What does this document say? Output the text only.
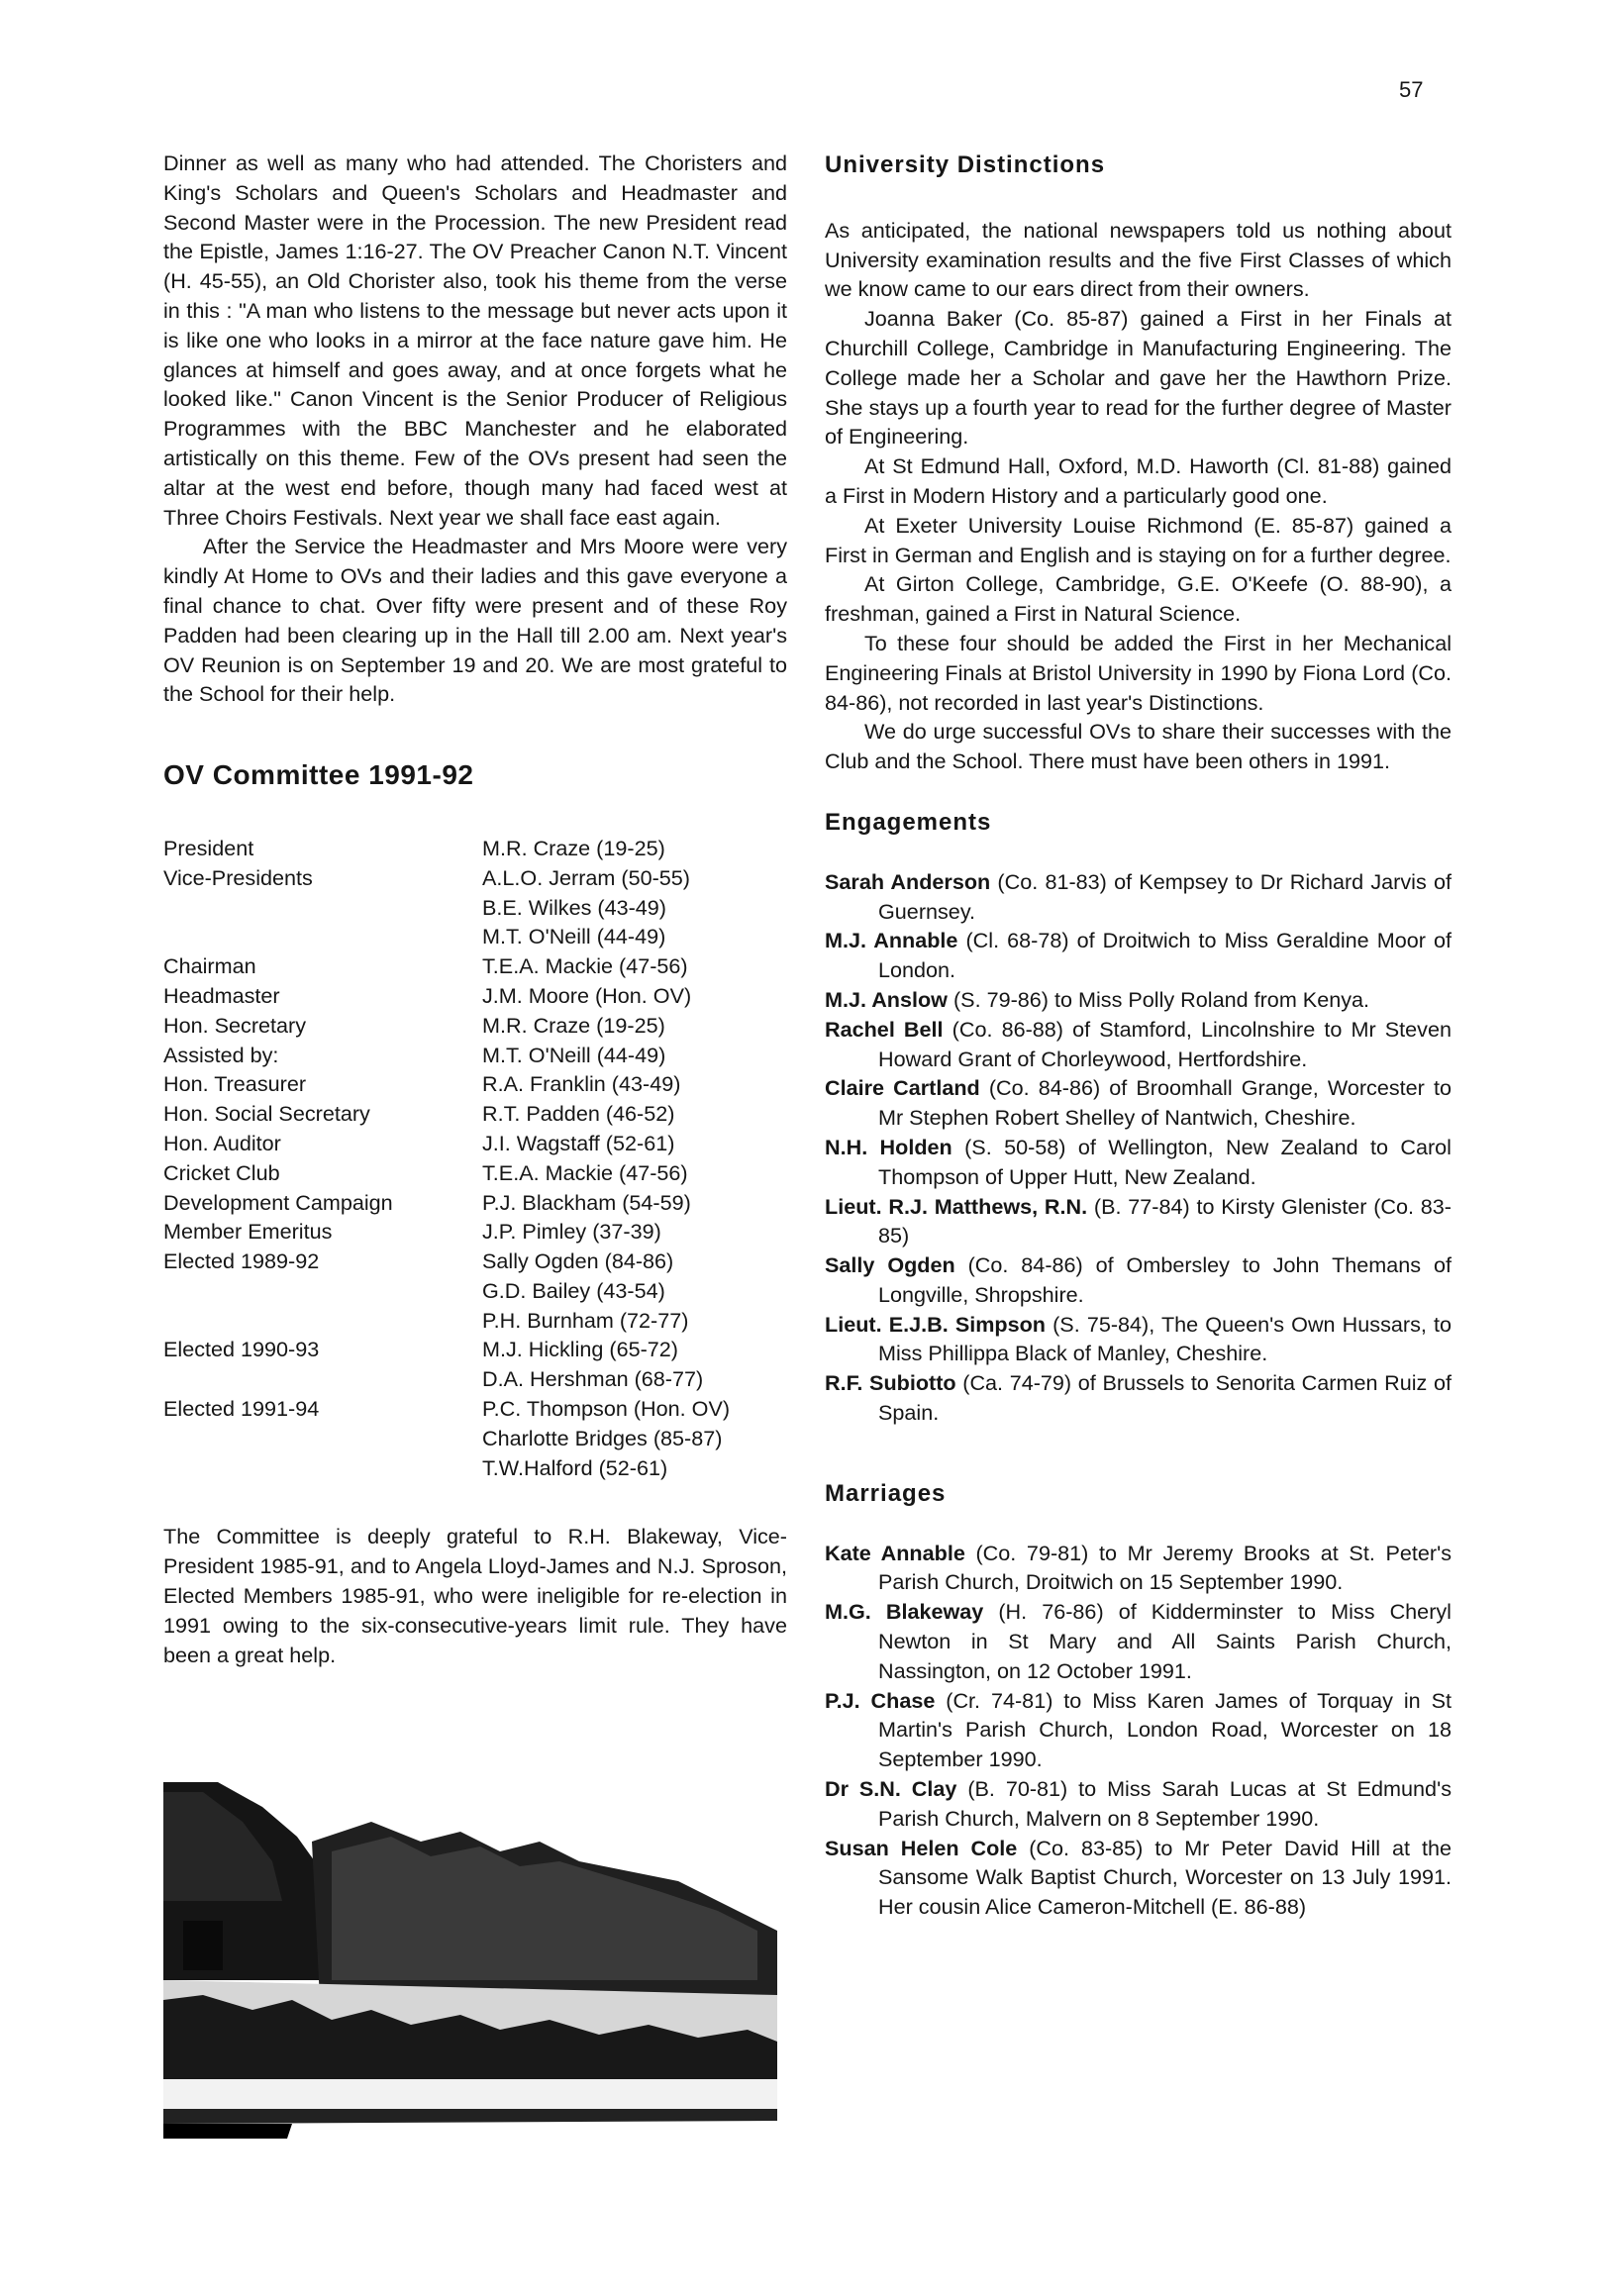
57

Dinner as well as many who had attended. The Choristers and King's Scholars and Queen's Scholars and Headmaster and Second Master were in the Procession. The new President read the Epistle, James 1:16-27. The OV Preacher Canon N.T. Vincent (H. 45-55), an Old Chorister also, took his theme from the verse in this : "A man who listens to the message but never acts upon it is like one who looks in a mirror at the face nature gave him. He glances at himself and goes away, and at once forgets what he looked like." Canon Vincent is the Senior Producer of Religious Programmes with the BBC Manchester and he elaborated artistically on this theme. Few of the OVs present had seen the altar at the west end before, though many had faced west at Three Choirs Festivals. Next year we shall face east again.

After the Service the Headmaster and Mrs Moore were very kindly At Home to OVs and their ladies and this gave everyone a final chance to chat. Over fifty were present and of these Roy Padden had been clearing up in the Hall till 2.00 am. Next year's OV Reunion is on September 19 and 20. We are most grateful to the School for their help.

OV Committee 1991-92
President	M.R. Craze (19-25)
Vice-Presidents	A.L.O. Jerram (50-55)
	B.E. Wilkes (43-49)
	M.T. O'Neill (44-49)
Chairman	T.E.A. Mackie (47-56)
Headmaster	J.M. Moore (Hon. OV)
Hon. Secretary	M.R. Craze (19-25)
Assisted by:	M.T. O'Neill (44-49)
Hon. Treasurer	R.A. Franklin (43-49)
Hon. Social Secretary	R.T. Padden (46-52)
Hon. Auditor	J.I. Wagstaff (52-61)
Cricket Club	T.E.A. Mackie (47-56)
Development Campaign	P.J. Blackham (54-59)
Member Emeritus	J.P. Pimley (37-39)
Elected 1989-92	Sally Ogden (84-86)
	G.D. Bailey (43-54)
	P.H. Burnham (72-77)
Elected 1990-93	M.J. Hickling (65-72)
	D.A. Hershman (68-77)
Elected 1991-94	P.C. Thompson (Hon. OV)
	Charlotte Bridges (85-87)
	T.W.Halford (52-61)

The Committee is deeply grateful to R.H. Blakeway, Vice-President 1985-91, and to Angela Lloyd-James and N.J. Sproson, Elected Members 1985-91, who were ineligible for re-election in 1991 owing to the six-consecutive-years limit rule. They have been a great help.

University Distinctions

As anticipated, the national newspapers told us nothing about University examination results and the five First Classes of which we know came to our ears direct from their owners.

Joanna Baker (Co. 85-87) gained a First in her Finals at Churchill College, Cambridge in Manufacturing Engineering. The College made her a Scholar and gave her the Hawthorn Prize. She stays up a fourth year to read for the further degree of Master of Engineering.

At St Edmund Hall, Oxford, M.D. Haworth (Cl. 81-88) gained a First in Modern History and a particularly good one.

At Exeter University Louise Richmond (E. 85-87) gained a First in German and English and is staying on for a further degree.

At Girton College, Cambridge, G.E. O'Keefe (O. 88-90), a freshman, gained a First in Natural Science.

To these four should be added the First in her Mechanical Engineering Finals at Bristol University in 1990 by Fiona Lord (Co. 84-86), not recorded in last year's Distinctions.

We do urge successful OVs to share their successes with the Club and the School. There must have been others in 1991.

Engagements

Sarah Anderson (Co. 81-83) of Kempsey to Dr Richard Jarvis of Guernsey.

M.J. Annable (Cl. 68-78) of Droitwich to Miss Geraldine Moor of London.

M.J. Anslow (S. 79-86) to Miss Polly Roland from Kenya.

Rachel Bell (Co. 86-88) of Stamford, Lincolnshire to Mr Steven Howard Grant of Chorleywood, Hertfordshire.

Claire Cartland (Co. 84-86) of Broomhall Grange, Worcester to Mr Stephen Robert Shelley of Nantwich, Cheshire.

N.H. Holden (S. 50-58) of Wellington, New Zealand to Carol Thompson of Upper Hutt, New Zealand.

Lieut. R.J. Matthews, R.N. (B. 77-84) to Kirsty Glenister (Co. 83-85)

Sally Ogden (Co. 84-86) of Ombersley to John Themans of Longville, Shropshire.

Lieut. E.J.B. Simpson (S. 75-84), The Queen's Own Hussars, to Miss Phillippa Black of Manley, Cheshire.

R.F. Subiotto (Ca. 74-79) of Brussels to Senorita Carmen Ruiz of Spain.

Marriages

Kate Annable (Co. 79-81) to Mr Jeremy Brooks at St. Peter's Parish Church, Droitwich on 15 September 1990.

M.G. Blakeway (H. 76-86) of Kidderminster to Miss Cheryl Newton in St Mary and All Saints Parish Church, Nassington, on 12 October 1991.

P.J. Chase (Cr. 74-81) to Miss Karen James of Torquay in St Martin's Parish Church, London Road, Worcester on 18 September 1990.

Dr S.N. Clay (B. 70-81) to Miss Sarah Lucas at St Edmund's Parish Church, Malvern on 8 September 1990.

Susan Helen Cole (Co. 83-85) to Mr Peter David Hill at the Sansome Walk Baptist Church, Worcester on 13 July 1991. Her cousin Alice Cameron-Mitchell (E. 86-88)
